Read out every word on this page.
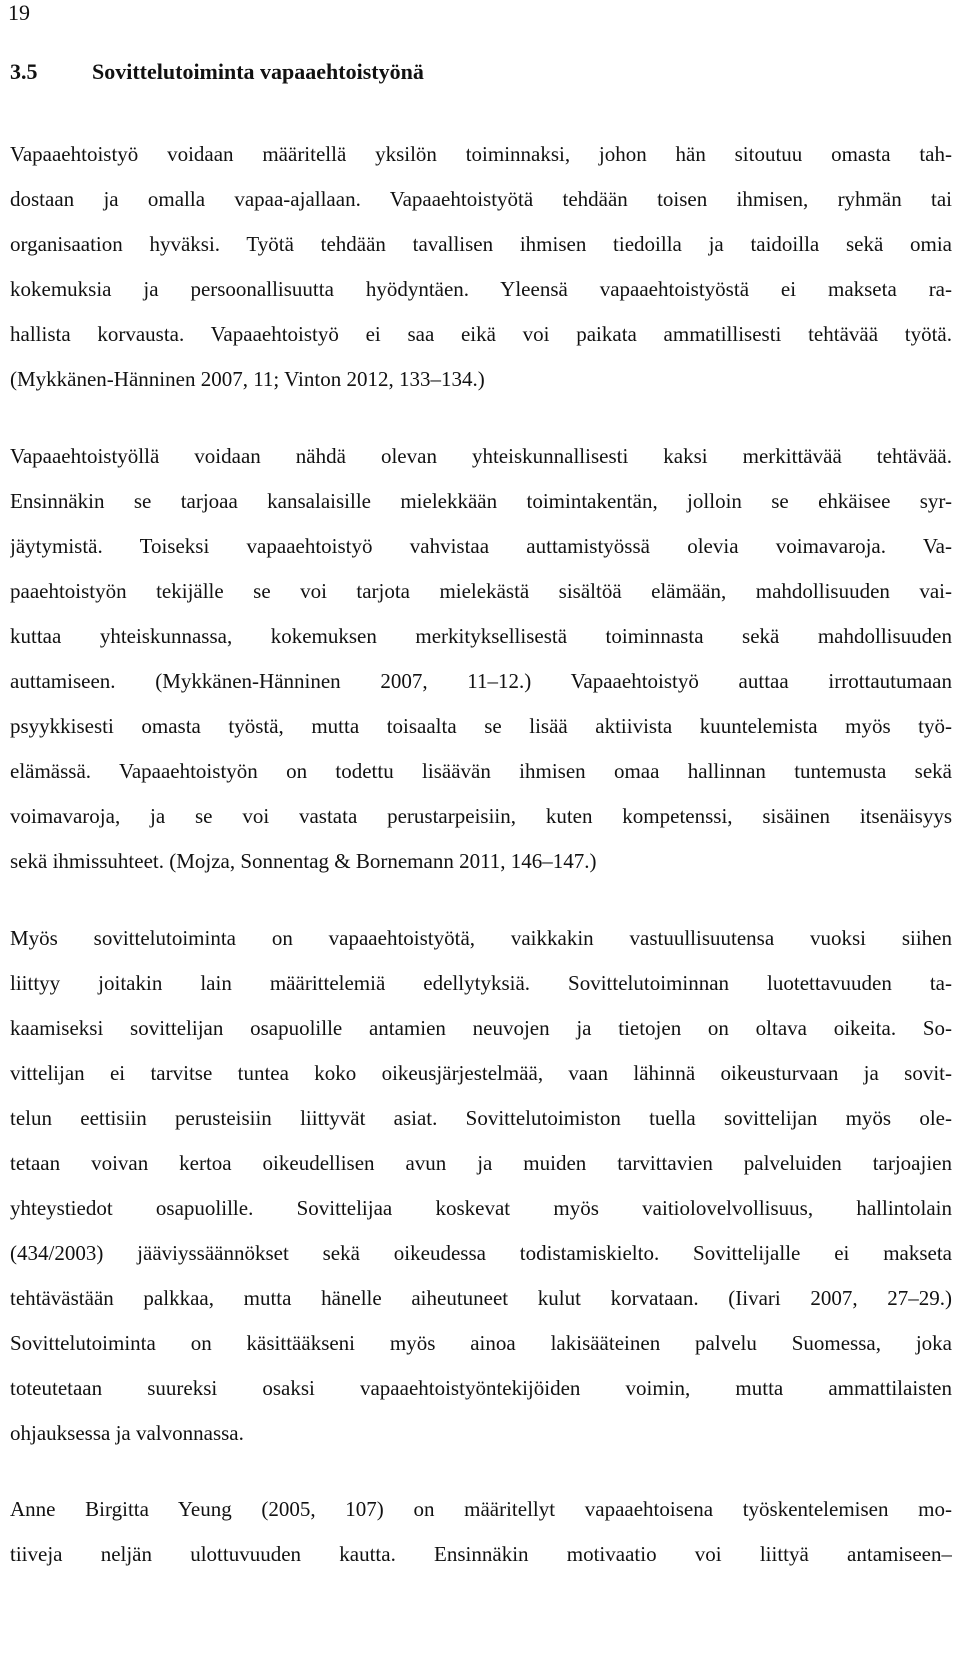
19
3.5 Sovittelutoiminta vapaaehtoistyönä
Vapaaehtoistyö voidaan määritellä yksilön toiminnaksi, johon hän sitoutuu omasta tah-
dostaan ja omalla vapaa-ajallaan. Vapaaehtoistyötä tehdään toisen ihmisen, ryhmän tai
organisaation hyväksi. Työtä tehdään tavallisen ihmisen tiedoilla ja taidoilla sekä omia
kokemuksia ja persoonallisuutta hyödyntäen. Yleensä vapaaehtoistyöstä ei makseta ra-
hallista korvausta. Vapaaehtoistyö ei saa eikä voi paikata ammatillisesti tehtävää työtä.
(Mykkänen-Hänninen 2007, 11; Vinton 2012, 133–134.)
Vapaaehtoistyöllä voidaan nähdä olevan yhteiskunnallisesti kaksi merkittävää tehtävää.
Ensinnäkin se tarjoaa kansalaisille mielekkään toimintakentän, jolloin se ehkäisee syr-
jäytymistä. Toiseksi vapaaehtoistyö vahvistaa auttamistyössä olevia voimavaroja. Va-
paaehtoistyön tekijälle se voi tarjota mielekästä sisältöä elämään, mahdollisuuden vai-
kuttaa yhteiskunnassa, kokemuksen merkityksellisestä toiminnasta sekä mahdollisuuden
auttamiseen. (Mykkänen-Hänninen 2007, 11–12.) Vapaaehtoistyö auttaa irrottautumaan
psyykkisesti omasta työstä, mutta toisaalta se lisää aktiivista kuuntelemista myös työ-
elämässä. Vapaaehtoistyön on todettu lisäävän ihmisen omaa hallinnan tuntemusta sekä
voimavaroja, ja se voi vastata perustarpeisiin, kuten kompetenssi, sisäinen itsenäisyys
sekä ihmissuhteet. (Mojza, Sonnentag & Bornemann 2011, 146–147.)
Myös sovittelutoiminta on vapaaehtoistyötä, vaikkakin vastuullisuutensa vuoksi siihen
liittyy joitakin lain määrittelemiä edellytyksiä. Sovittelutoiminnan luotettavuuden ta-
kaamiseksi sovittelijan osapuolille antamien neuvojen ja tietojen on oltava oikeita. So-
vittelijan ei tarvitse tuntea koko oikeusjärjestelmää, vaan lähinnä oikeusturvaan ja sovit-
telun eettisiin perusteisiin liittyvät asiat. Sovittelutoimiston tuella sovittelijan myös ole-
tetaan voivan kertoa oikeudellisen avun ja muiden tarvittavien palveluiden tarjoajien
yhteystiedot osapuolille. Sovittelijaa koskevat myös vaitiolovelvollisuus, hallintolain
(434/2003) jääviyssäännökset sekä oikeudessa todistamiskielto. Sovittelijalle ei makseta
tehtävästään palkkaa, mutta hänelle aiheutuneet kulut korvataan. (Iivari 2007, 27–29.)
Sovittelutoiminta on käsittääkseni myös ainoa lakisääteinen palvelu Suomessa, joka
toteutetaan suureksi osaksi vapaaehtoistyöntekijöiden voimin, mutta ammattilaisten
ohjauksessa ja valvonnassa.
Anne Birgitta Yeung (2005, 107) on määritellyt vapaaehtoisena työskentelemisen mo-
tiiveja neljän ulottuvuuden kautta. Ensinnäkin motivaatio voi liittyä antamiseen–
